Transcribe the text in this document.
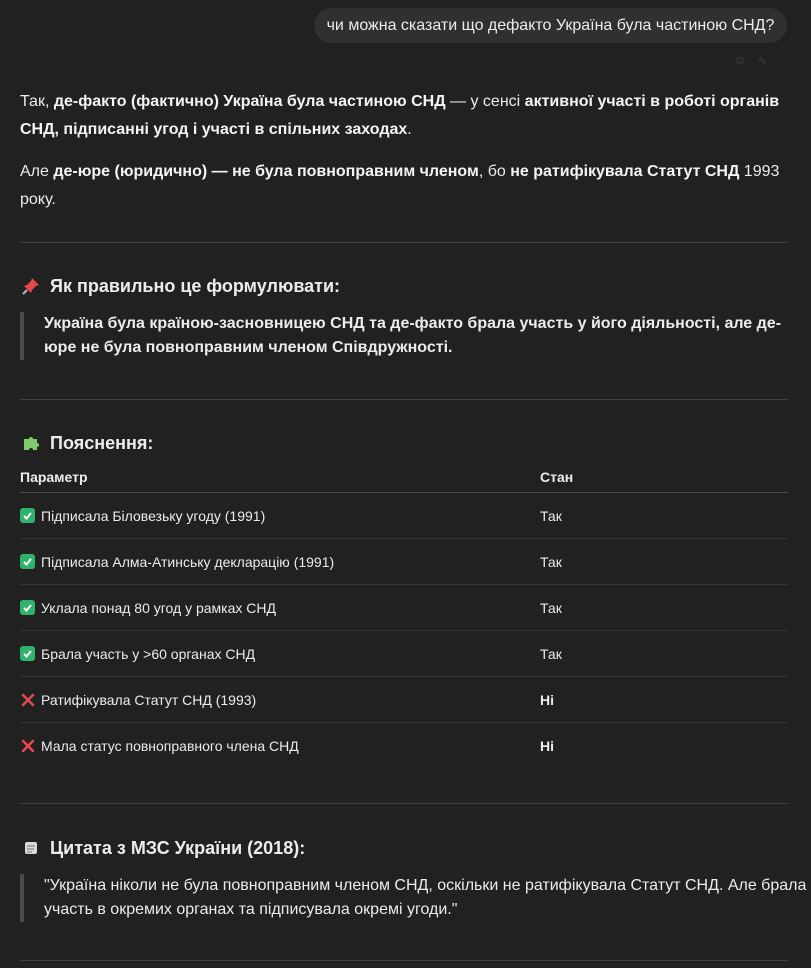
чи можна сказати що дефакто Україна була частиною СНД?
⧉	✎
Так, де-факто (фактично) Україна була частиною СНД — у сенсі активної участі в роботі органів СНД, підписанні угод і участі в спільних заходах.
Але де-юре (юридично) — не була повноправним членом, бо не ратифікувала Статут СНД 1993 року.
Як правильно це формулювати:
Україна була країною-засновницею СНД та де-факто брала участь у його діяльності, але де-юре не була повноправним членом Співдружності.
Пояснення:
Параметр	Стан
Підписала Біловезьку угоду (1991)	Так
Підписала Алма-Атинську декларацію (1991)	Так
Уклала понад 80 угод у рамках СНД	Так
Брала участь у >60 органах СНД	Так
Ратифікувала Статут СНД (1993)	Ні
Мала статус повноправного члена СНД	Ні
Цитата з МЗС України (2018):
"Україна ніколи не була повноправним членом СНД, оскільки не ратифікувала Статут СНД. Але брала участь в окремих органах та підписувала окремі угоди."
